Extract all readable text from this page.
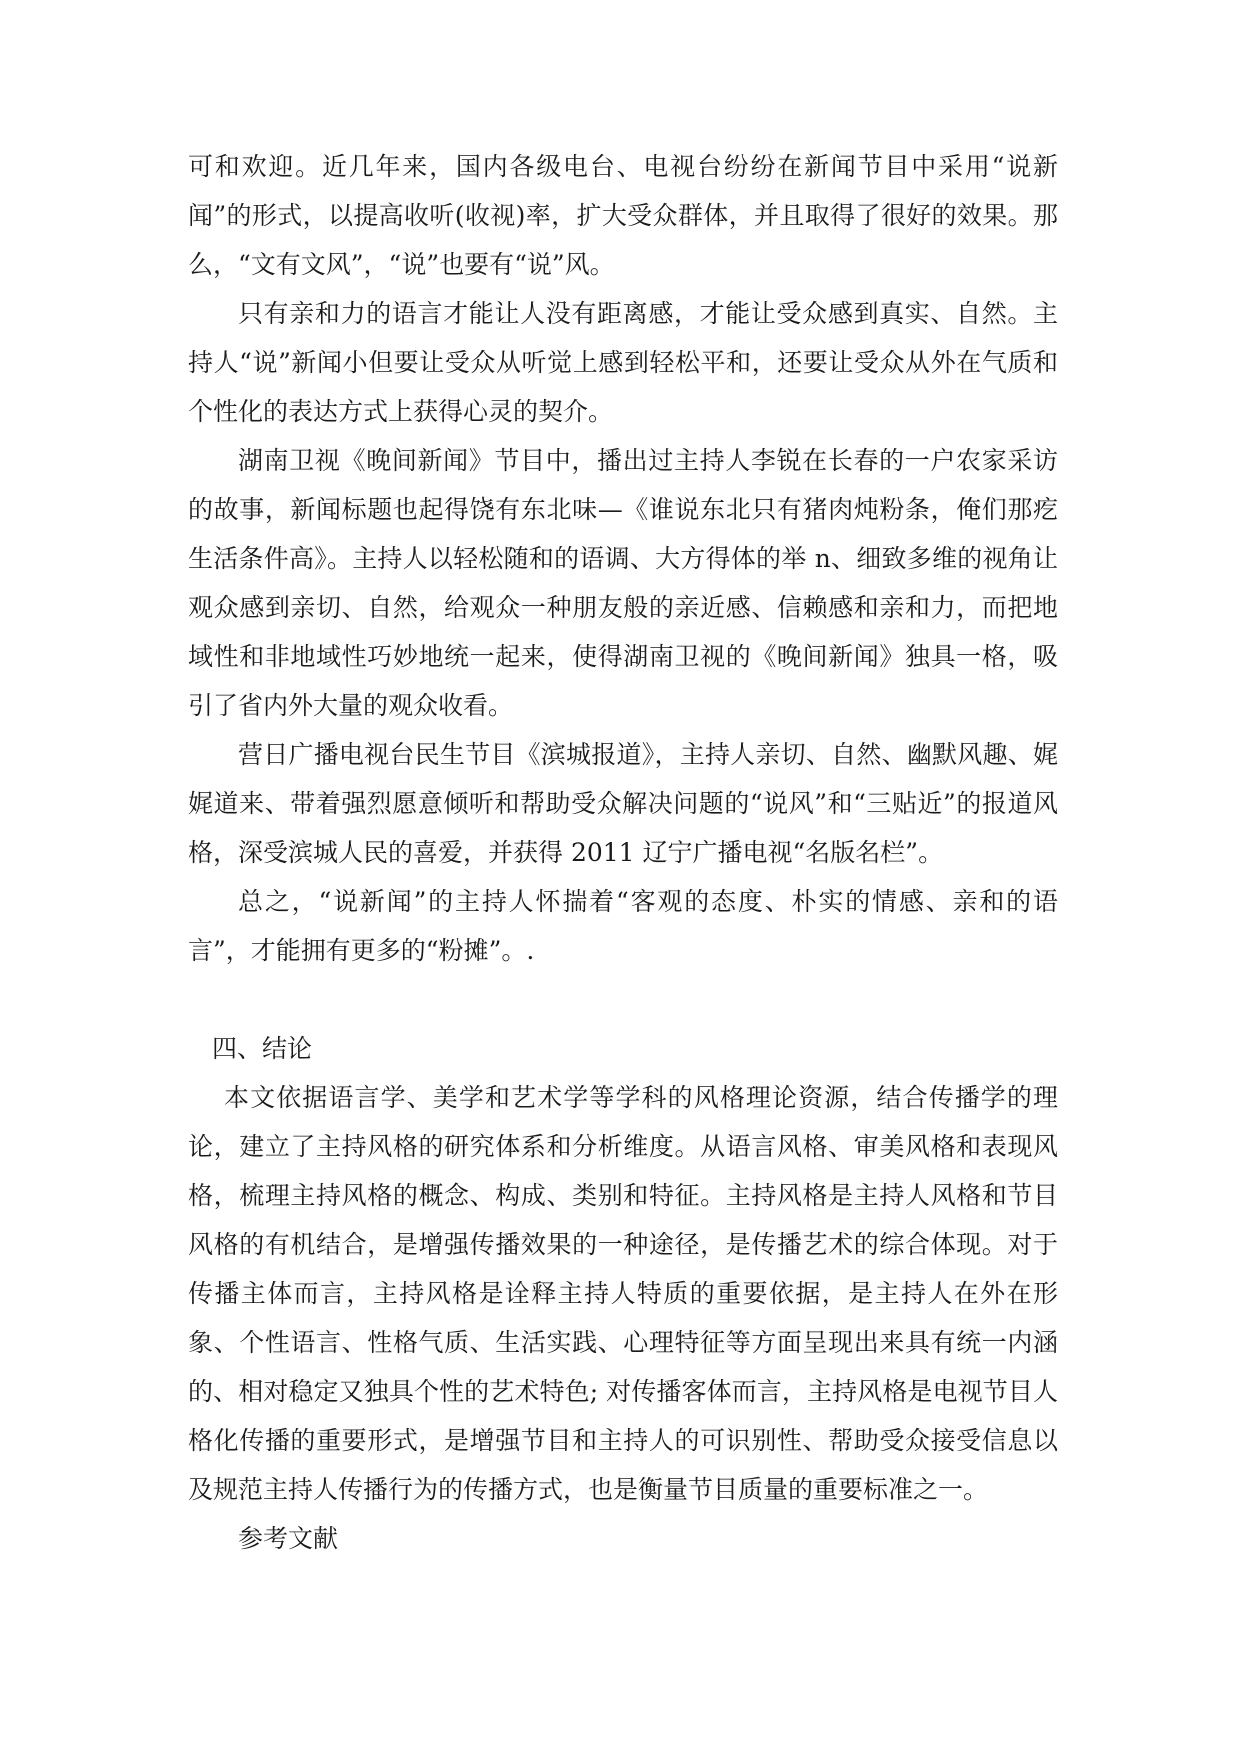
可和欢迎。近几年来，国内各级电台、电视台纷纷在新闻节目中采用“说新闻”的形式，以提高收听(收视)率，扩大受众群体，并且取得了很好的效果。那么，“文有文风”，“说”也要有“说”风。

只有亲和力的语言才能让人没有距离感，才能让受众感到真实、自然。主持人“说”新闻小但要让受众从听觉上感到轻松平和，还要让受众从外在气质和个性化的表达方式上获得心灵的契介。

湖南卫视《晚间新闻》节目中，播出过主持人李锐在长春的一户农家采访的故事，新闻标题也起得饶有东北味—《谁说东北只有猪肉炖粉条，俺们那疙生活条件高》。主持人以轻松随和的语调、大方得体的举 n、细致多维的视角让观众感到亲切、自然，给观众一种朋友般的亲近感、信赖感和亲和力，而把地域性和非地域性巧妙地统一起来，使得湖南卫视的《晚间新闻》独具一格，吸引了省内外大量的观众收看。

营日广播电视台民生节目《滨城报道》，主持人亲切、自然、幽默风趣、娓娓道来、带着强烈愿意倾听和帮助受众解决问题的“说风”和“三贴近”的报道风格，深受滨城人民的喜爱，并获得 2011 辽宁广播电视“名版名栏”。

总之，“说新闻”的主持人怀揣着“客观的态度、朴实的情感、亲和的语言”，才能拥有更多的“粉摊”。.

四、结论

本文依据语言学、美学和艺术学等学科的风格理论资源，结合传播学的理论，建立了主持风格的研究体系和分析维度。从语言风格、审美风格和表现风格，梳理主持风格的概念、构成、类别和特征。主持风格是主持人风格和节目风格的有机结合，是增强传播效果的一种途径，是传播艺术的综合体现。对于传播主体而言，主持风格是诠释主持人特质的重要依据，是主持人在外在形象、个性语言、性格气质、生活实践、心理特征等方面呈现出来具有统一内涵的、相对稳定又独具个性的艺术特色; 对传播客体而言，主持风格是电视节目人格化传播的重要形式，是增强节目和主持人的可识别性、帮助受众接受信息以及规范主持人传播行为的传播方式，也是衡量节目质量的重要标准之一。

参考文献
